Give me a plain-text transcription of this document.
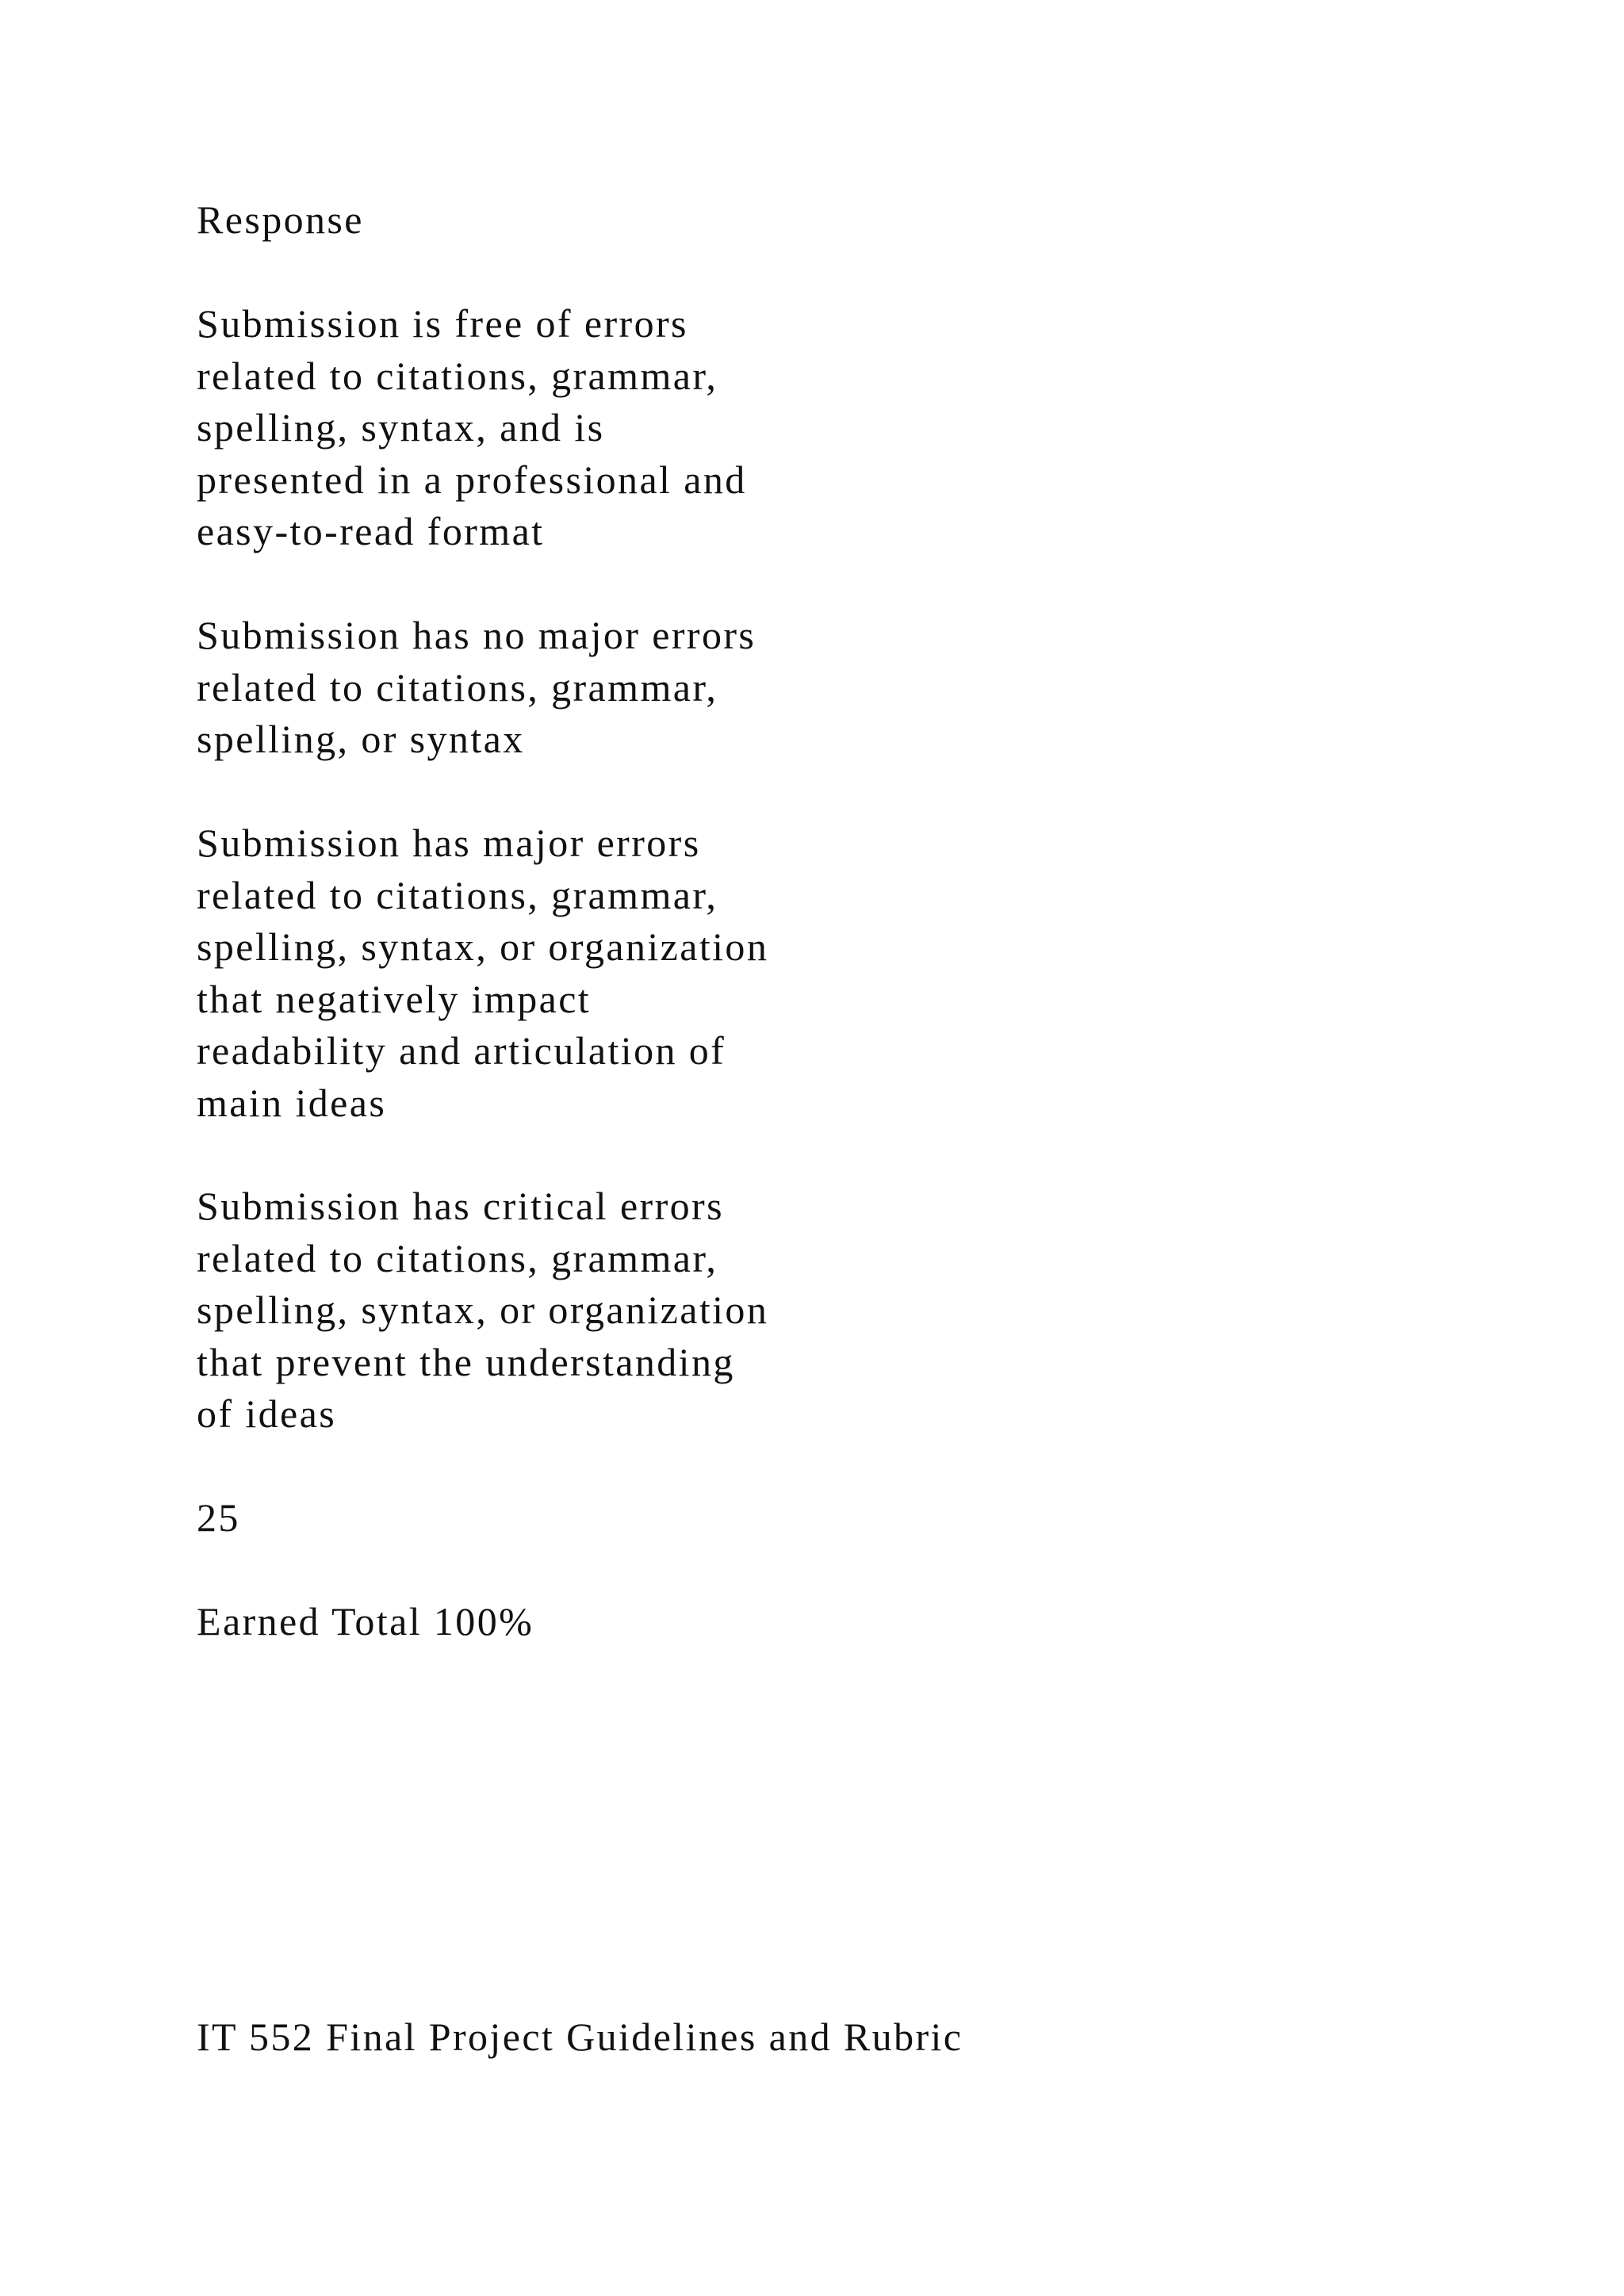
Response

Submission is free of errors
related to citations, grammar,
spelling, syntax, and is
presented in a professional and
easy-to-read format
Submission has no major errors
related to citations, grammar,
spelling, or syntax
Submission has major errors
related to citations, grammar,
spelling, syntax, or organization
that negatively impact
readability and articulation of
main ideas
Submission has critical errors
related to citations, grammar,
spelling, syntax, or organization
that prevent the understanding
of ideas

25

Earned Total 100%

IT 552 Final Project Guidelines and Rubric
